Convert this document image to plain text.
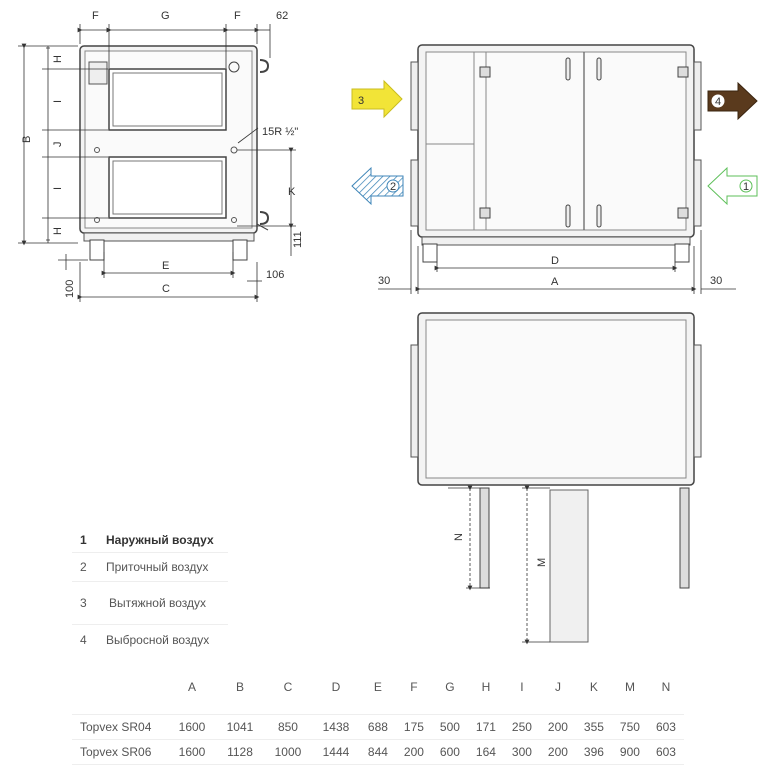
F	G	F	62
B
H
I
J
I
H
15R ½"
K
111
E
C
106
100
3	4
2	1
D
A
30	30
N
M
1	Наружный воздух
2	Приточный воздух
3	Вытяжной воздух
4	Выбросной воздух
	A	B	C	D	E	F	G	H	I	J	K	M	N

Topvex SR04	1600	1041	850	1438	688	175	500	171	250	200	355	750	603
Topvex SR06	1600	1128	1000	1444	844	200	600	164	300	200	396	900	603
